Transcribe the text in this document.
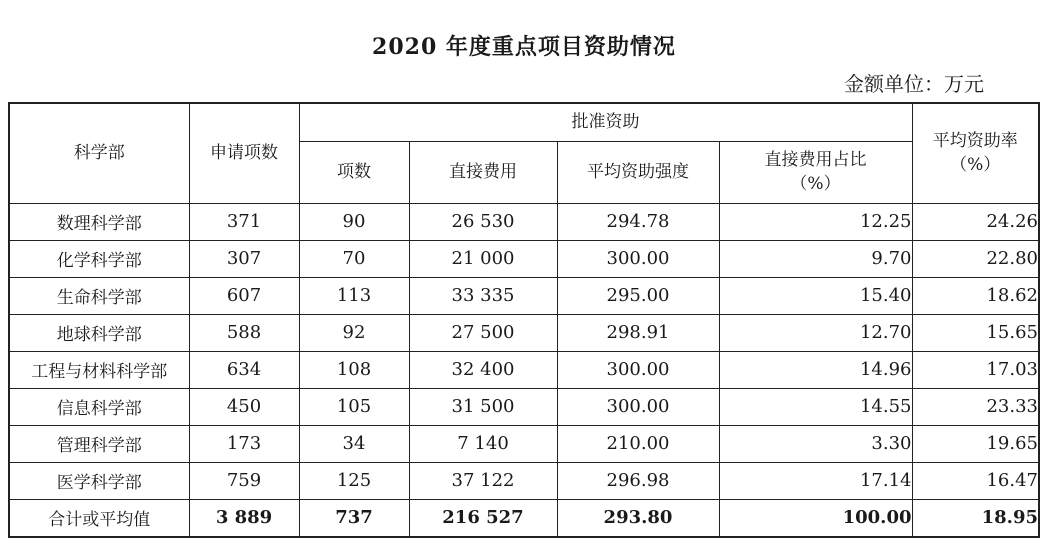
2020 年度重点项目资助情况
金额单位：万元
科学部	申请项数	批准资助				平均资助率
（%）

		项数	直接费用	平均资助强度	直接费用占比
（%）	

数理科学部	371	90	26 530	294.78	12.25	24.26
化学科学部	307	70	21 000	300.00	9.70	22.80
生命科学部	607	113	33 335	295.00	15.40	18.62
地球科学部	588	92	27 500	298.91	12.70	15.65
工程与材料科学部	634	108	32 400	300.00	14.96	17.03
信息科学部	450	105	31 500	300.00	14.55	23.33
管理科学部	173	34	7 140	210.00	3.30	19.65
医学科学部	759	125	37 122	296.98	17.14	16.47
合计或平均值	3 889	737	216 527	293.80	100.00	18.95
